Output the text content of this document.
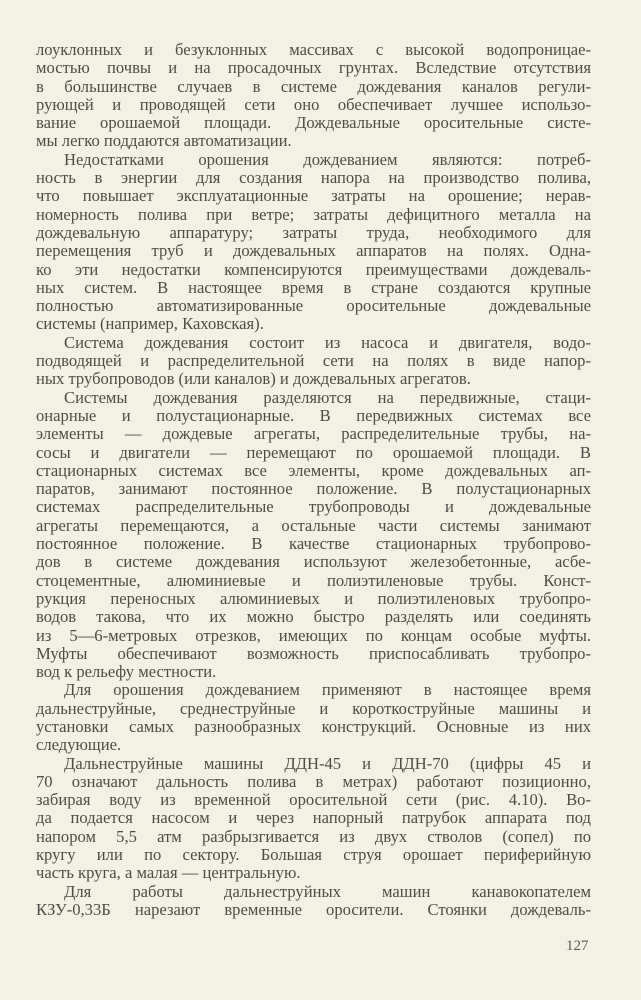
лоуклонных и безуклонных массивах с высокой водопроницае-
мостью почвы и на просадочных грунтах. Вследствие отсутствия
в большинстве случаев в системе дождевания каналов регули-
рующей и проводящей сети оно обеспечивает лучшее использо-
вание орошаемой площади. Дождевальные оросительные систе-
мы легко поддаются автоматизации.
Недостатками орошения дождеванием являются: потреб-
ность в энергии для создания напора на производство полива,
что повышает эксплуатационные затраты на орошение; нерав-
номерность полива при ветре; затраты дефицитного металла на
дождевальную аппаратуру; затраты труда, необходимого для
перемещения труб и дождевальных аппаратов на полях. Одна-
ко эти недостатки компенсируются преимуществами дождеваль-
ных систем. В настоящее время в стране создаются крупные
полностью автоматизированные оросительные дождевальные
системы (например, Каховская).
Система дождевания состоит из насоса и двигателя, водо-
подводящей и распределительной сети на полях в виде напор-
ных трубопроводов (или каналов) и дождевальных агрегатов.
Системы дождевания разделяются на передвижные, стаци-
онарные и полустационарные. В передвижных системах все
элементы — дождевые агрегаты, распределительные трубы, на-
сосы и двигатели — перемещают по орошаемой площади. В
стационарных системах все элементы, кроме дождевальных ап-
паратов, занимают постоянное положение. В полустационарных
системах распределительные трубопроводы и дождевальные
агрегаты перемещаются, а остальные части системы занимают
постоянное положение. В качестве стационарных трубопрово-
дов в системе дождевания используют железобетонные, асбе-
стоцементные, алюминиевые и полиэтиленовые трубы. Конст-
рукция переносных алюминиевых и полиэтиленовых трубопро-
водов такова, что их можно быстро разделять или соединять
из 5—6-метровых отрезков, имеющих по концам особые муфты.
Муфты обеспечивают возможность приспосабливать трубопро-
вод к рельефу местности.
Для орошения дождеванием применяют в настоящее время
дальнеструйные, среднеструйные и короткоструйные машины и
установки самых разнообразных конструкций. Основные из них
следующие.
Дальнеструйные машины ДДН-45 и ДДН-70 (цифры 45 и
70 означают дальность полива в метрах) работают позиционно,
забирая воду из временной оросительной сети (рис. 4.10). Во-
да подается насосом и через напорный патрубок аппарата под
напором 5,5 атм разбрызгивается из двух стволов (сопел) по
кругу или по сектору. Большая струя орошает периферийную
часть круга, а малая — центральную.
Для работы дальнеструйных машин канавокопателем
КЗУ-0,33Б нарезают временные оросители. Стоянки дождеваль-
127
